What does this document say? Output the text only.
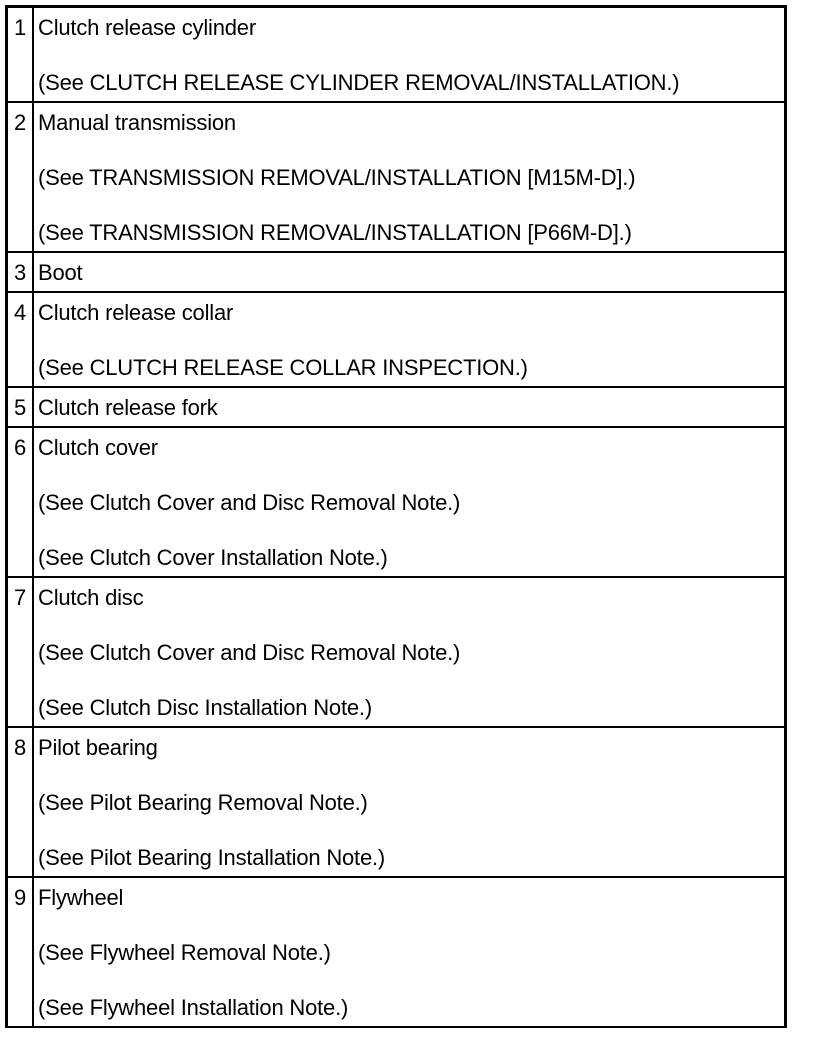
1	Clutch release cylinder
(See CLUTCH RELEASE CYLINDER REMOVAL/INSTALLATION.)

2	Manual transmission
(See TRANSMISSION REMOVAL/INSTALLATION [M15M-D].)
(See TRANSMISSION REMOVAL/INSTALLATION [P66M-D].)

3	Boot

4	Clutch release collar
(See CLUTCH RELEASE COLLAR INSPECTION.)

5	Clutch release fork

6	Clutch cover
(See Clutch Cover and Disc Removal Note.)
(See Clutch Cover Installation Note.)

7	Clutch disc
(See Clutch Cover and Disc Removal Note.)
(See Clutch Disc Installation Note.)

8	Pilot bearing
(See Pilot Bearing Removal Note.)
(See Pilot Bearing Installation Note.)

9	Flywheel
(See Flywheel Removal Note.)
(See Flywheel Installation Note.)
